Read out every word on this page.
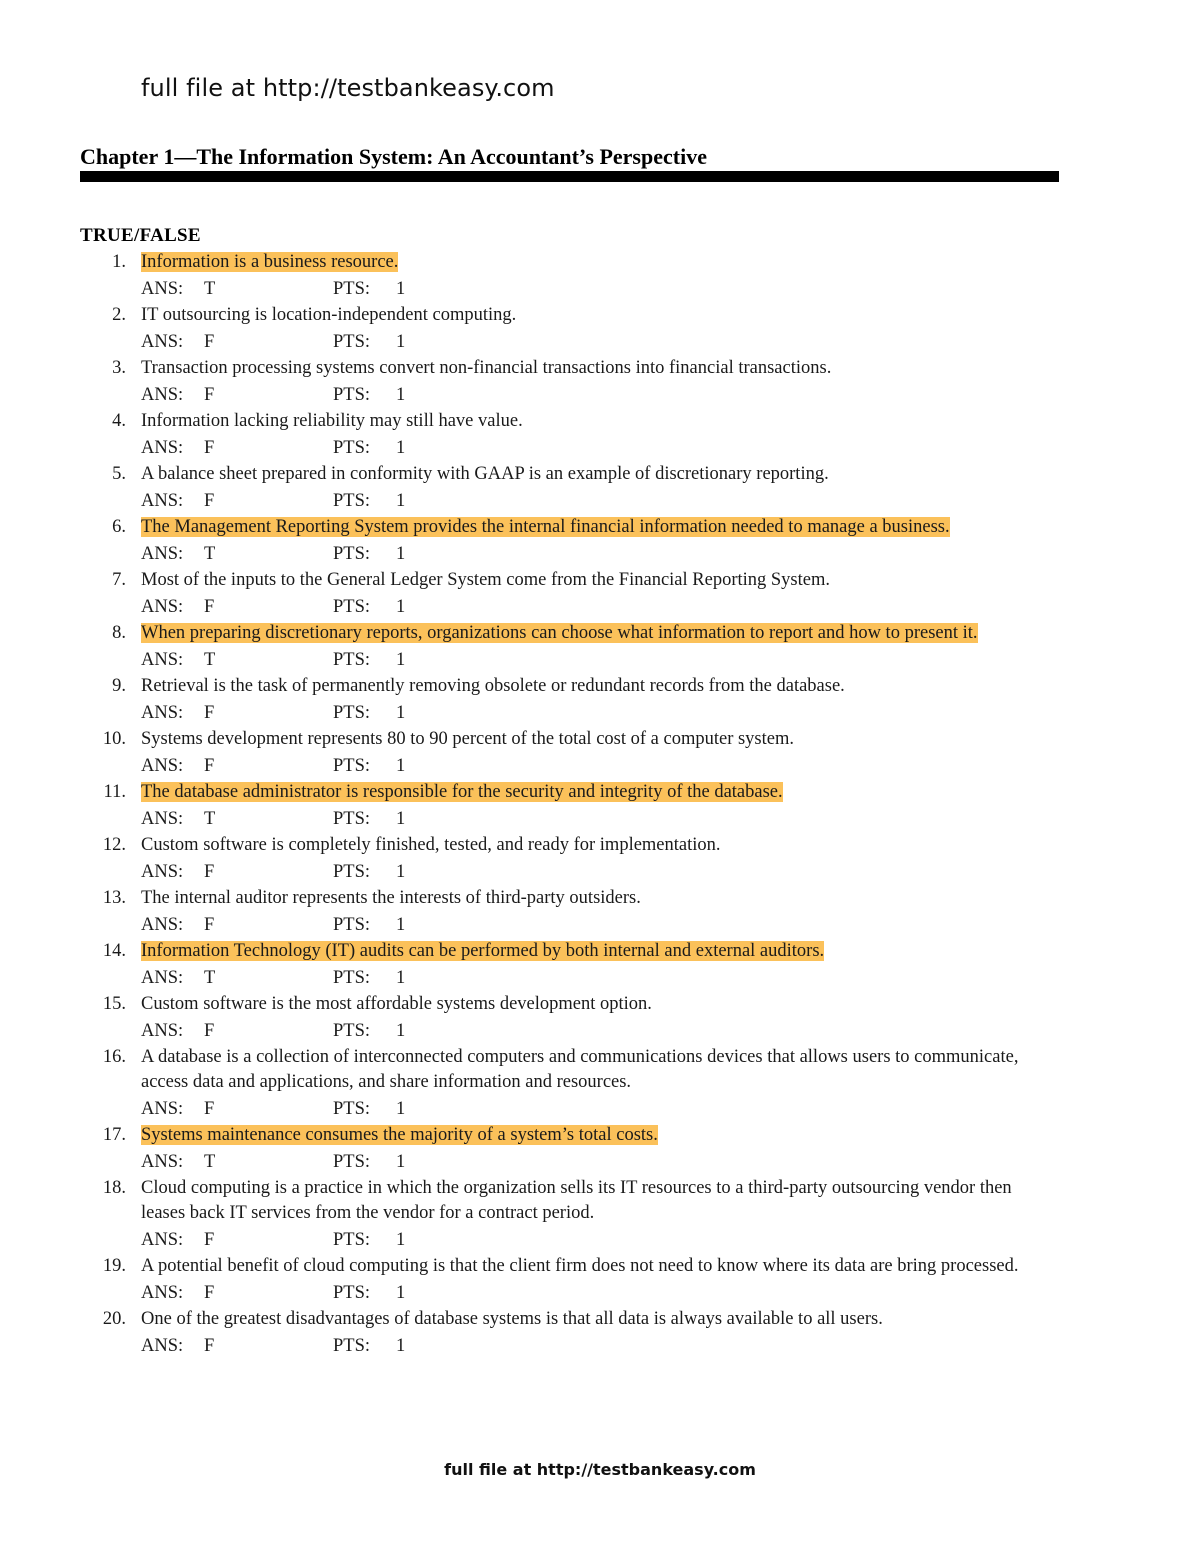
full file at http://testbankeasy.com
Chapter 1—The Information System: An Accountant’s Perspective
TRUE/FALSE
1. Information is a business resource.
ANS: T	PTS: 1
2. IT outsourcing is location-independent computing.
ANS: F	PTS: 1
3. Transaction processing systems convert non-financial transactions into financial transactions.
ANS: F	PTS: 1
4. Information lacking reliability may still have value.
ANS: F	PTS: 1
5. A balance sheet prepared in conformity with GAAP is an example of discretionary reporting.
ANS: F	PTS: 1
6. The Management Reporting System provides the internal financial information needed to manage a business.
ANS: T	PTS: 1
7. Most of the inputs to the General Ledger System come from the Financial Reporting System.
ANS: F	PTS: 1
8. When preparing discretionary reports, organizations can choose what information to report and how to present it.
ANS: T	PTS: 1
9. Retrieval is the task of permanently removing obsolete or redundant records from the database.
ANS: F	PTS: 1
10. Systems development represents 80 to 90 percent of the total cost of a computer system.
ANS: F	PTS: 1
11. The database administrator is responsible for the security and integrity of the database.
ANS: T	PTS: 1
12. Custom software is completely finished, tested, and ready for implementation.
ANS: F	PTS: 1
13. The internal auditor represents the interests of third-party outsiders.
ANS: F	PTS: 1
14. Information Technology (IT) audits can be performed by both internal and external auditors.
ANS: T	PTS: 1
15. Custom software is the most affordable systems development option.
ANS: F	PTS: 1
16. A database is a collection of interconnected computers and communications devices that allows users to communicate, access data and applications, and share information and resources.
ANS: F	PTS: 1
17. Systems maintenance consumes the majority of a system’s total costs.
ANS: T	PTS: 1
18. Cloud computing is a practice in which the organization sells its IT resources to a third-party outsourcing vendor then leases back IT services from the vendor for a contract period.
ANS: F	PTS: 1
19. A potential benefit of cloud computing is that the client firm does not need to know where its data are bring processed.
ANS: F	PTS: 1
20. One of the greatest disadvantages of database systems is that all data is always available to all users.
ANS: F	PTS: 1
full file at http://testbankeasy.com
